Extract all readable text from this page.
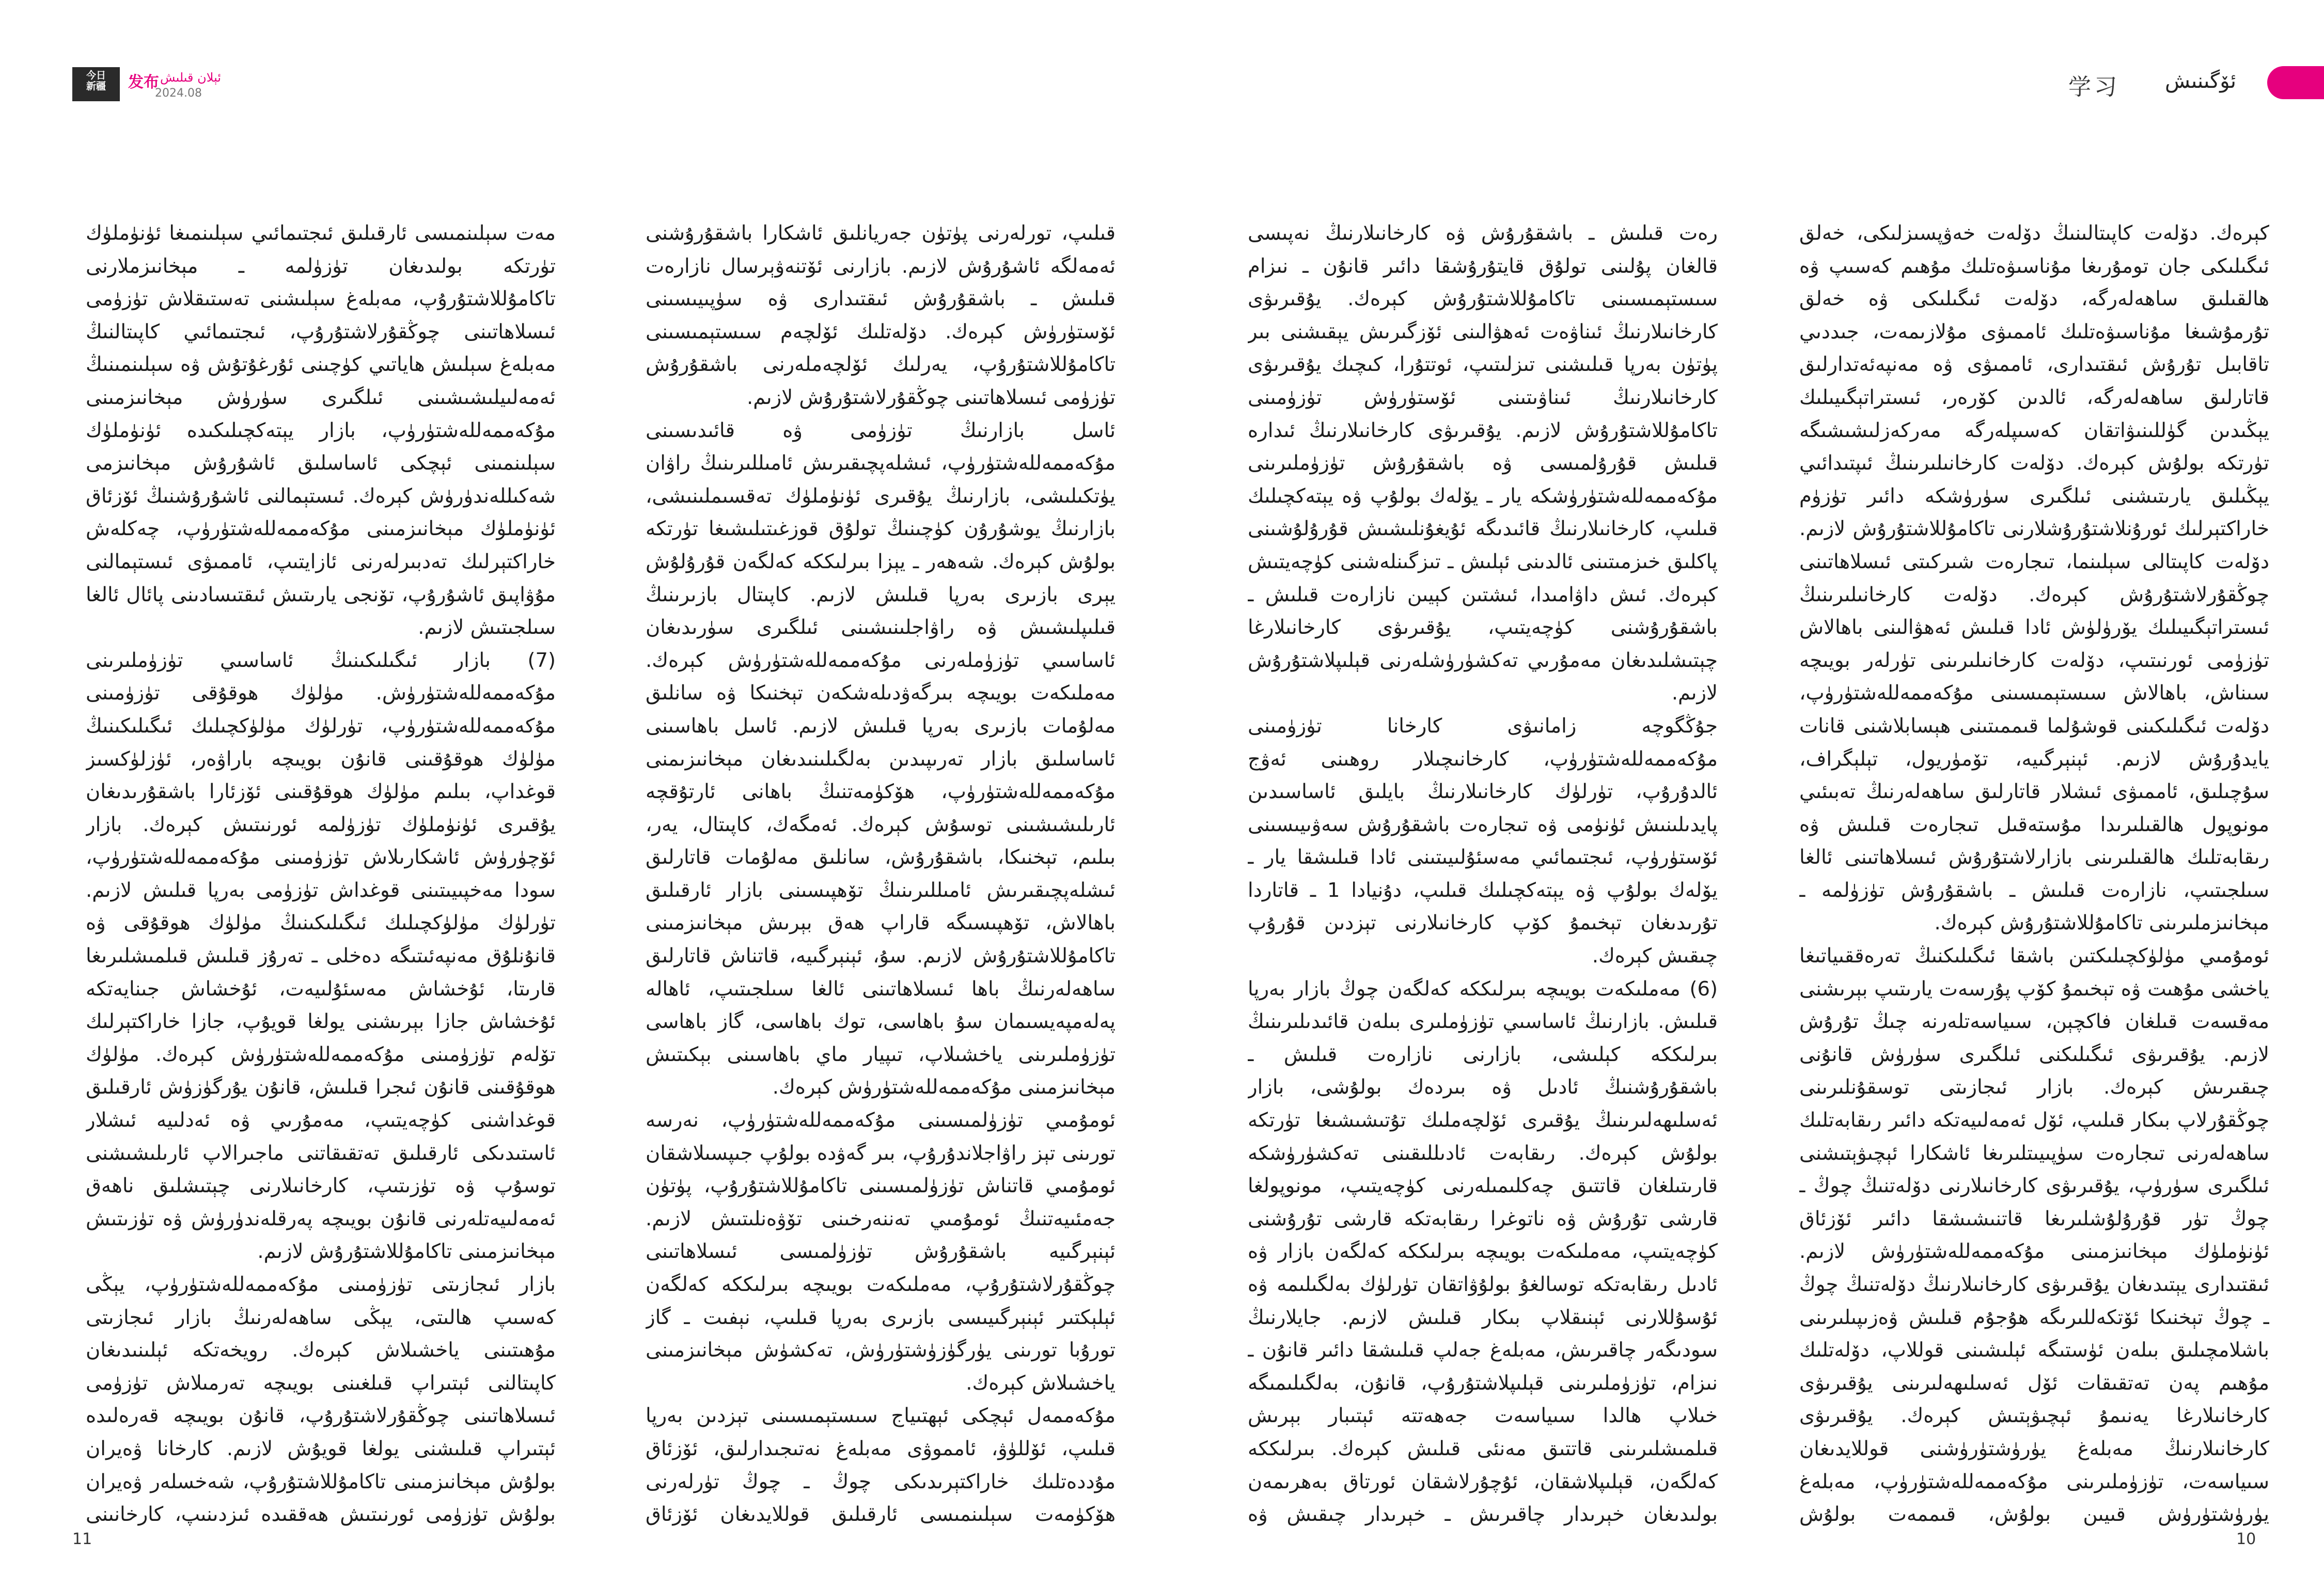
今日
新疆	发布 ئېلان قىلىش
2024.08

قىلىپ، تورلەرنى پۈتۈن جەريانلىق ئاشكارا باشقۇرۇشنى ئەمەلگە ئاشۇرۇش لازىم. بازارنى ئۆتنەۋېرسال نازارەت قىلىش ـ باشقۇرۇش ئىقتىدارى ۋە سۈپىيىسىنى ئۆستۈرۈش كېرەك. دۆلەتلىك ئۆلچەم سىستېمىسىنى تاكامۇللاشتۇرۇپ، يەرلىك ئۆلچەملەرنى باشقۇرۇش تۈزۈمى ئىسلاھاتىنى چوڭقۇرلاشتۇرۇش لازىم.

ئاسل بازارنىڭ تۈزۈمى ۋە قائىدىسىنى مۇكەممەللەشتۈرۈپ، ئىشلەپچىقىرىش ئامىللىرىنىڭ راۋان يۈتكىلىشى، بازارنىڭ يۇقىرى ئۈنۈملۈك تەقسىملىنىشى، بازارنىڭ يوشۇرۇن كۈچىنىڭ تولۇق قوزغىتىلىشىغا تۈرتكە بولۇش كېرەك. شەھەر ـ يېزا بىرلىككە كەلگەن قۇرۇلۇش يېرى بازىرى بەرپا قىلىش لازىم. كاپىتال بازىرىنىڭ قىلىپلىشىش ۋە راۋاجلىنىشىنى ئىلگىرى سۈرىدىغان ئاساسىي تۈزۈملەرنى مۇكەممەللەشتۈرۈش كېرەك. مەملىكەت بويىچە بىرگەۋدىلەشكەن تېخنىكا ۋە سانلىق مەلۇمات بازىرى بەرپا قىلىش لازىم. ئاسل باھاسىنى ئاساسلىق بازار تەرىپىدىن بەلگىلىنىدىغان مېخانىزىمنى مۇكەممەللەشتۈرۈپ، ھۆكۈمەتنىڭ باھانى ئارتۇقچە ئارىلىشىشىنى توسۇش كېرەك. ئەمگەك، كاپىتال، يەر، بىلىم، تېخنىكا، باشقۇرۇش، سانلىق مەلۇمات قاتارلىق ئىشلەپچىقىرىش ئامىللىرىنىڭ تۆھپىسىنى بازار ئارقىلىق باھالاش، تۆھپىسىگە قاراپ ھەق بېرىش مېخانىزمىنى تاكامۇللاشتۇرۇش لازىم. سۇ، ئېنېرگىيە، قاتناش قاتارلىق ساھەلەرنىڭ باھا ئىسلاھاتىنى ئالغا سىلجىتىپ، ئاھالە پەلەمپەيسىمان سۇ باھاسى، توك باھاسى، گاز باھاسى تۈزۈملىرىنى ياخشىلاپ، تىپيار ماي باھاسىنى بېكىتىش مېخانىزمىنى مۇكەممەللەشتۈرۈش كېرەك.

ئومۇمىي تۈزۈلمىسىنى مۇكەممەللەشتۈرۈپ، نەرسە تورىنى تېز راۋاجلاندۇرۇپ، بىر گەۋدە بولۇپ جىپسىلاشقان ئومۇمىي قاتناش تۈزۈلمىسىنى تاكامۇللاشتۇرۇپ، پۈتۈن جەمئىيەتنىڭ ئومۇمىي تەننەرخىنى تۆۋەنلىتىش لازىم. ئېنېرگىيە باشقۇرۇش تۈزۈلمىسى ئىسلاھاتىنى چوڭقۇرلاشتۇرۇپ، مەملىكەت بويىچە بىرلىككە كەلگەن ئېلېكتىر ئېنېرگىيىسى بازىرى بەرپا قىلىپ، نېفىت ـ گاز تورۇبا تورىنى يۈرگۈزۈشتۈرۈش، تەكشۈش مېخانىزمىنى ياخشىلاش كېرەك.

مۇكەممەل ئېچكى ئېھتىياج سىستېمىسىنى تېزدىن بەرپا قىلىپ، ئۆللۈۋ، ئامموۋى مەبلەغ نەتىجىدارلىق، ئۆزئاق مۇددەتلىك خاراكتېرىدىكى چوڭ ـ چوڭ تۈرلەرنى ھۆكۈمەت سېلىنمىسى ئارقىلىق قوللايدىغان ئۆزئاق

مەت سېلىنمىسى ئارقىلىق ئىجتىمائىي سېلىنمىغا ئۈنۈملۈك تۈرتكە بولىدىغان تۈزۈلمە ـ مېخانىزملارنى تاكامۇللاشتۇرۇپ، مەبلەغ سېلىشنى تەستىقلاش تۈزۈمى ئىسلاھاتىنى چوڭقۇرلاشتۇرۇپ، ئىجتىمائىي كاپىتالنىڭ مەبلەغ سېلىش ھاياتىي كۈچىنى ئۇرغۇتۇش ۋە سېلىنمىنىڭ ئەمەلىيلىشىشىنى ئىلگىرى سۈرۈش مېخانىزمىنى مۇكەممەللەشتۈرۈپ، بازار يېتەكچىلىكىدە ئۈنۈملۈك سېلىنمىنى ئېچكى ئاساسلىق ئاشۇرۇش مېخانىزمى شەكىللەندۈرۈش كېرەك. ئىستېمالنى ئاشۇرۇشنىڭ ئۆزئاق ئۈنۈملۈك مېخانىزمىنى مۇكەممەللەشتۈرۈپ، چەكلەش خاراكتېرلىك تەدبىرلەرنى ئازايتىپ، ئاممىۋى ئىستېمالنى مۇۋاپىق ئاشۇرۇپ، تۆنجى يارىتىش ئىقتىسادىنى پائال ئالغا سىلجىتىش لازىم.

(7) بازار ئىگىلىكىنىڭ ئاساسىي تۈزۈملىرىنى مۇكەممەللەشتۈرۈش. مۈلۈك ھوقۇقى تۈزۈمىنى مۇكەممەللەشتۈرۈپ، تۈرلۈك مۈلۈكچىلىك ئىگىلىكىنىڭ مۈلۈك ھوقۇقىنى قانۇن بويىچە باراۋەر، ئۈزلۈكسىز قوغداپ، بىلىم مۈلۈك ھوقۇقىنى ئۆزئارا باشقۇرىدىغان يۇقىرى ئۈنۈملۈك تۈزۈلمە ئورنىتىش كېرەك. بازار ئۆچۈرۈش ئاشكارىلاش تۈزۈمىنى مۇكەممەللەشتۈرۈپ، سودا مەخپىيىتىنى قوغداش تۈزۈمى بەرپا قىلىش لازىم. تۈرلۈك مۈلۈكچىلىك ئىگىلىكىنىڭ مۈلۈك ھوقۇقى ۋە قانۇنلۇق مەنپەئىتىگە دەخلى ـ تەرۇز قىلىش قىلمىشلىرىغا قارىتا، ئۇخشاش مەسئۇلىيەت، ئۇخشاش جىنايەتكە ئۇخشاش جازا بېرىشنى يولغا قويۇپ، جازا خاراكتېرلىك تۆلەم تۈزۈمىنى مۇكەممەللەشتۈرۈش كېرەك. مۈلۈك ھوقۇقىنى قانۇن ئىجرا قىلىش، قانۇن يۇرگۈزۈش ئارقىلىق قوغداشنى كۈچەيتىپ، مەمۇرىي ۋە ئەدلىيە ئىشلار ئاستىدىكى ئارقىلىق تەتقىقاتنى ماجىرالاپ ئارىلىشىشنى توسۇپ ۋە تۈزىتىپ، كارخانىلارنى چېتىشلىق ناھەق ئەمەلىيەتلەرنى قانۇن بويىچە پەرقلەندۈرۈش ۋە تۈزىتىش مېخانىزمىنى تاكامۇللاشتۇرۇش لازىم.

بازار ئىجازىتى تۈزۈمىنى مۇكەممەللەشتۈرۈپ، يېڭى كەسىپ ھالىتى، يېڭى ساھەلەرنىڭ بازار ئىجازىتى مۇھىتىنى ياخشىلاش كېرەك. رويخەتكە ئېلىنىدىغان كاپىتالنى ئېتىراپ قىلغىنى بويىچە تەرمىلاش تۈزۈمى ئىسلاھاتىنى چوڭقۇرلاشتۇرۇپ، قانۇن بويىچە قەرەلىدە ئېتىراپ قىلىشنى يولغا قويۇش لازىم. كارخانا ۋەيران بولۇش مېخانىزمىنى تاكامۇللاشتۇرۇپ، شەخسلەر ۋەيران بولۇش تۈزۈمى ئورنىتىش ھەققىدە ئىزدىنىپ، كارخانىنى

11
学习 ئۆگىنىش

كېرەك. دۆلەت كاپىتالىنىڭ دۆلەت خەۋپسىزلىكى، خەلق ئىگىلىكى جان تومۇرىغا مۇناسىۋەتلىك مۇھىم كەسىپ ۋە ھالقىلىق ساھەلەرگە، دۆلەت ئىگىلىكى ۋە خەلق تۇرمۇشىغا مۇناسىۋەتلىك ئاممىۋى مۇلازىمەت، جىددىي تاقابىل تۇرۇش ئىقتىدارى، ئاممىۋى ۋە مەنپەئەتدارلىق قاتارلىق ساھەلەرگە، ئالدىن كۆرەر، ئىستراتېگىيىلىك يېڭىدىن گۈللىنىۋاتقان كەسىپلەرگە مەركەزلىشىشىگە تۈرتكە بولۇش كېرەك. دۆلەت كارخانىلىرىنىڭ ئىپتىدائىي يېڭىلىق يارىتىشنى ئىلگىرى سۈرۈشكە دائىر تۈزۈم خاراكتېرلىك ئورۇنلاشتۇرۇشلارنى تاكامۇللاشتۇرۇش لازىم. دۆلەت كاپىتالى سېلىنما، تىجارەت شىركىتى ئىسلاھاتىنى چوڭقۇرلاشتۇرۇش كېرەك. دۆلەت كارخانىلىرىنىڭ ئىستراتېگىيىلىك يۆرۈلۈش ئادا قىلىش ئەھۋالىنى باھالاش تۈزۈمى ئورنىتىپ، دۆلەت كارخانىلىرىنى تۈرلەر بويىچە سىناش، باھالاش سىستېمىسىنى مۇكەممەللەشتۈرۈپ، دۆلەت ئىگىلىكىنى قوشۇلما قىممىتىنى ھېسابلاشنى قانات يايدۇرۇش لازىم. ئېنېرگىيە، تۆمۈريول، تېلېگراف، سۇچىلىق، ئاممىۋى ئىشلار قاتارلىق ساھەلەرنىڭ تەبىئىي مونوپول ھالقىلىرىدا مۇستەقىل تىجارەت قىلىش ۋە رىقابەتلىك ھالقىلىرىنى بازارلاشتۇرۇش ئىسلاھاتىنى ئالغا سىلجىتىپ، نازارەت قىلىش ـ باشقۇرۇش تۈزۈلمە ـ مېخانىزملىرىنى تاكامۇللاشتۇرۇش كېرەك.

ئومۇمىي مۈلۈكچىلىكتىن باشقا ئىگىلىكنىڭ تەرەققىياتىغا ياخشى مۇھىت ۋە تېخىمۇ كۆپ پۇرسەت يارىتىپ بېرىشنى مەقسەت قىلغان فاكچېن، سىياسەتلەرنە چىڭ تۇرۇش لازىم. يۇقىرىۋى ئىگىلىكنى ئىلگىرى سۈرۈش قانۇنى چىقىرىش كېرەك. بازار ئىجازىتى توسقۇنلىرىنى چوڭقۇرلاپ بىكار قىلىپ، ئۆل ئەمەلىيەتكە دائىر رىقابەتلىك ساھەلەرنى تىجارەت سۈپىيىتلىرىغا ئاشكارا ئېچىۋېتىشنى ئىلگىرى سۈرۈپ، يۇقىرىۋى كارخانىلارنى دۆلەتنىڭ چوڭ ـ چوڭ تۈر قۇرۇلۇشلىرىغا قاتنىشىشقا دائىر ئۆزئاق ئۈنۈملۈك مېخانىزمىنى مۇكەممەللەشتۈرۈش لازىم. ئىقتىدارى يېتىدىغان يۇقىرىۋى كارخانىلارنىڭ دۆلەتنىڭ چوڭ ـ چوڭ تېخنىكا ئۆتكەللىرىگە ھۇجۇم قىلىش ۋەزىپىلىرىنى باشلامچىلىق بىلەن ئۈستىگە ئېلىشىنى قوللاپ، دۆلەتلىك مۇھىم پەن تەتقىقات ئۆل ئەسلىھەلىرىنى يۇقىرىۋى كارخانىلارغا يەنىمۇ ئېچىۋېتىش كېرەك. يۇقىرىۋى كارخانىلارنىڭ مەبلەغ يۈرۈشتۈرۈشنى قوللايدىغان سىياسەت، تۈزۈملىرىنى مۇكەممەللەشتۈرۈپ، مەبلەغ يۈرۈشتۈرۈش قىيىن بولۇش، قىممەت بولۇش

رەت قىلىش ـ باشقۇرۇش ۋە كارخانىلارنىڭ نەپىسى قالغان پۇلىنى تولۇق قايتۇرۇشقا دائىر قانۇن ـ نىزام سىستېمىسىنى تاكامۇللاشتۇرۇش كېرەك. يۇقىرىۋى كارخانىلارنىڭ ئىناۋەت ئەھۋالىنى ئۆزگىرىش يېقىشنى بىر پۈتۈن بەرپا قىلىشنى تىزلىتىپ، ئوتتۇرا، كىچىك يۇقىرىۋى كارخانىلارنىڭ ئىناۋىتىنى ئۆستۈرۈش تۈزۈمىنى تاكامۇللاشتۇرۇش لازىم. يۇقىرىۋى كارخانىلارنىڭ ئىدارە قىلىش قۇرۇلمىسى ۋە باشقۇرۇش تۈزۈملىرىنى مۇكەممەللەشتۈرۈشكە يار ـ يۆلەك بولۇپ ۋە يېتەكچىلىك قىلىپ، كارخانىلارنىڭ قائىدىگە ئۇيغۇنلىشىش قۇرۇلۇشىنى پاكلىق خىزمىتىنى ئالدىنى ئېلىش ـ تىزگىنلەشنى كۈچەيتىش كېرەك. ئىش داۋامىدا، ئىشتىن كېيىن نازارەت قىلىش ـ باشقۇرۇشنى كۈچەيتىپ، يۇقىرىۋى كارخانىلارغا چېتىشلىدىغان مەمۇرىي تەكشۈرۈشلەرنى قېلىپلاشتۇرۇش لازىم.

جۇڭگوچە زامانىۋى كارخانا تۈزۈمىنى مۇكەممەللەشتۈرۈپ، كارخانىچىلار روھىنى ئەۋج ئالدۇرۇپ، تۈرلۈك كارخانىلارنىڭ بايلىق ئاساسىدىن پايدىلىنىش ئۈنۈمى ۋە تىجارەت باشقۇرۇش سەۋىيىسىنى ئۆستۈرۈپ، ئىجتىمائىي مەسئۇلىيىتىنى ئادا قىلىشقا يار ـ يۆلەك بولۇپ ۋە يېتەكچىلىك قىلىپ، دۇنيادا 1 ـ قاتاردا تۇرىدىغان تېخىمۇ كۆپ كارخانىلارنى تېزدىن قۇرۇپ چىقىش كېرەك.

(6) مەملىكەت بويىچە بىرلىككە كەلگەن چوڭ بازار بەرپا قىلىش. بازارنىڭ ئاساسىي تۈزۈملىرى بىلەن قائىدىلىرىنىڭ بىرلىككە كېلىشى، بازارنى نازارەت قىلىش ـ باشقۇرۇشنىڭ ئادىل ۋە بىردەك بولۇشى، بازار ئەسلىھەلىرىنىڭ يۇقىرى ئۆلچەملىك تۇتىشىشىغا تۈرتكە بولۇش كېرەك. رىقابەت ئادىللىقىنى تەكشۈرۈشكە قارىتىلغان قاتتىق چەكلىمىلەرنى كۈچەيتىپ، مونوپولغا قارشى تۇرۇش ۋە ناتوغرا رىقابەتكە قارشى تۇرۇشنى كۈچەيتىپ، مەملىكەت بويىچە بىرلىككە كەلگەن بازار ۋە ئادىل رىقابەتكە توسالغۇ بولۇۋاتقان تۈرلۈك بەلگىلىمە ۋە ئۇسۇللارنى ئېنىقلاپ بىكار قىلىش لازىم. جايلارنىڭ سودىگەر چاقىرىش، مەبلەغ جەلپ قىلىشقا دائىر قانۇن ـ نىزام، تۈزۈملىرىنى قېلىپلاشتۇرۇپ، قانۇن، بەلگىلىمىگە خىلاپ ھالدا سىياسەت جەھەتتە ئېتىبار بېرىش قىلمىشلىرىنى قاتتىق مەنئى قىلىش كېرەك. بىرلىككە كەلگەن، قېلىپلاشقان، ئۇچۇرلاشقان ئورتاق بەھرىمەن بولىدىغان خېرىدار چاقىرىش ـ خېرىدار چىقىش ۋە

10
